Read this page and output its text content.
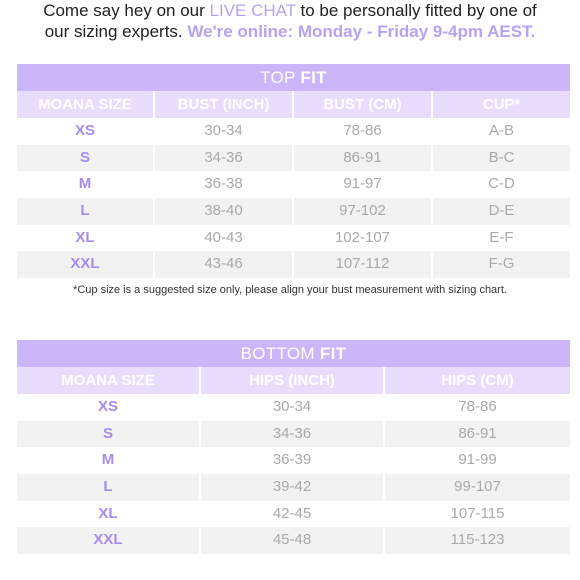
Come say hey on our LIVE CHAT to be personally fitted by one of
our sizing experts. We're online: Monday - Friday 9-4pm AEST.
TOP FIT
MOANA SIZE	BUST (INCH)	BUST (CM)	CUP*
XS	30-34	78-86	A-B
S	34-36	86-91	B-C
M	36-38	91-97	C-D
L	38-40	97-102	D-E
XL	40-43	102-107	E-F
XXL	43-46	107-112	F-G
*Cup size is a suggested size only, please align your bust measurement with sizing chart.
BOTTOM FIT
MOANA SIZE	HIPS (INCH)	HIPS (CM)
XS	30-34	78-86
S	34-36	86-91
M	36-39	91-99
L	39-42	99-107
XL	42-45	107-115
XXL	45-48	115-123
